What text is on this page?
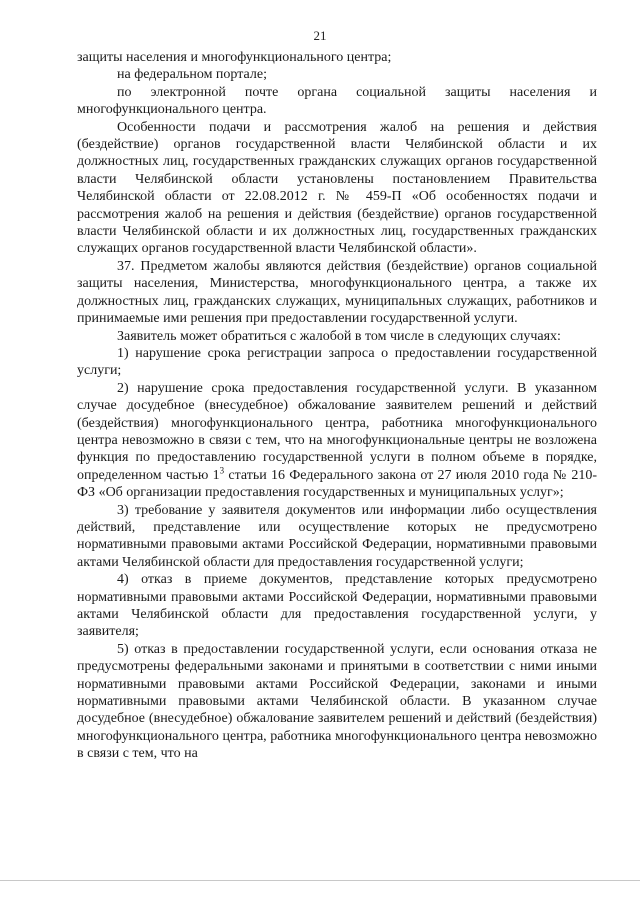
21

защиты населения и многофункционального центра;

на федеральном портале;

по электронной почте органа социальной защиты населения и многофункционального центра.

Особенности подачи и рассмотрения жалоб на решения и действия (бездействие) органов государственной власти Челябинской области и их должностных лиц, государственных гражданских служащих органов государственной власти Челябинской области установлены постановлением Правительства Челябинской области от 22.08.2012 г. № 459-П «Об особенностях подачи и рассмотрения жалоб на решения и действия (бездействие) органов государственной власти Челябинской области и их должностных лиц, государственных гражданских служащих органов государственной власти Челябинской области».

37. Предметом жалобы являются действия (бездействие) органов социальной защиты населения, Министерства, многофункционального центра, а также их должностных лиц, гражданских служащих, муниципальных служащих, работников и принимаемые ими решения при предоставлении государственной услуги.

Заявитель может обратиться с жалобой в том числе в следующих случаях:

1) нарушение срока регистрации запроса о предоставлении государственной услуги;

2) нарушение срока предоставления государственной услуги. В указанном случае досудебное (внесудебное) обжалование заявителем решений и действий (бездействия) многофункционального центра, работника многофункционального центра невозможно в связи с тем, что на многофункциональные центры не возложена функция по предоставлению государственной услуги в полном объеме в порядке, определенном частью $1^3$ статьи 16 Федерального закона от 27 июля 2010 года № 210-ФЗ «Об организации предоставления государственных и муниципальных услуг»;

3) требование у заявителя документов или информации либо осуществления действий, представление или осуществление которых не предусмотрено нормативными правовыми актами Российской Федерации, нормативными правовыми актами Челябинской области для предоставления государственной услуги;

4) отказ в приеме документов, представление которых предусмотрено нормативными правовыми актами Российской Федерации, нормативными правовыми актами Челябинской области для предоставления государственной услуги, у заявителя;

5) отказ в предоставлении государственной услуги, если основания отказа не предусмотрены федеральными законами и принятыми в соответствии с ними иными нормативными правовыми актами Российской Федерации, законами и иными нормативными правовыми актами Челябинской области. В указанном случае досудебное (внесудебное) обжалование заявителем решений и действий (бездействия) многофункционального центра, работника многофункционального центра невозможно в связи с тем, что на
